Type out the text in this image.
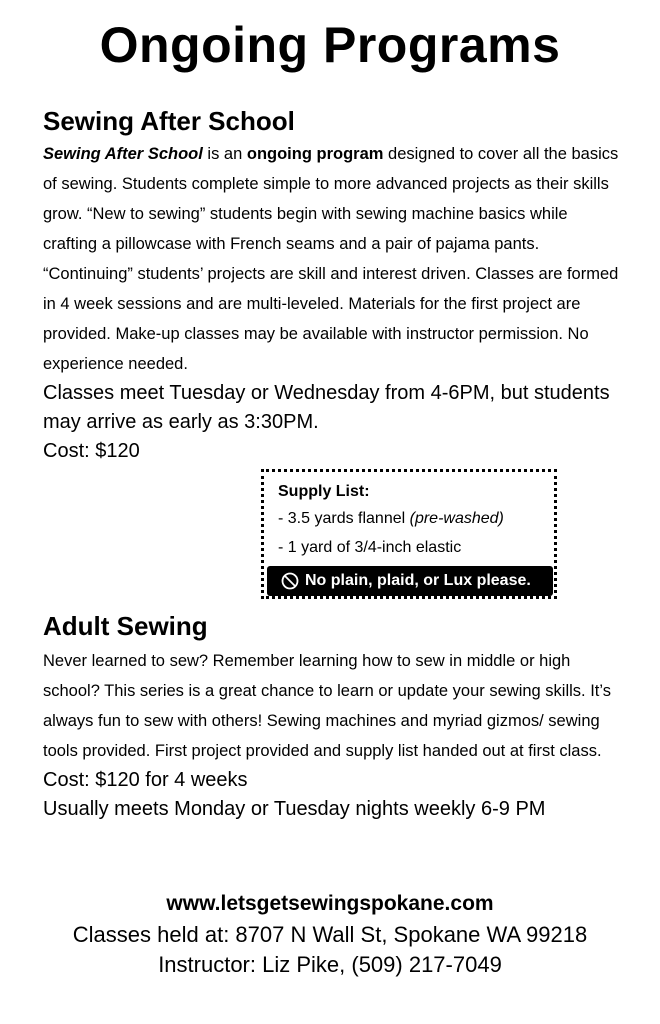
Ongoing Programs
Sewing After School

Sewing After School is an ongoing program designed to cover all the basics of sewing. Students complete simple to more advanced projects as their skills grow. “New to sewing” students begin with sewing machine basics while crafting a pillowcase with French seams and a pair of pajama pants. “Continuing” students’ projects are skill and interest driven. Classes are formed in 4 week sessions and are multi-leveled. Materials for the first project are provided. Make-up classes may be available with instructor permission. No experience needed.

Classes meet Tuesday or Wednesday from 4-6PM, but students may arrive as early as 3:30PM.

Cost: $120

Supply List:
- 3.5 yards flannel (pre-washed)
- 1 yard of 3/4-inch elastic
No plain, plaid, or Lux please.
Adult Sewing

Never learned to sew? Remember learning how to sew in middle or high school? This series is a great chance to learn or update your sewing skills. It’s always fun to sew with others! Sewing machines and myriad gizmos/ sewing tools provided. First project provided and supply list handed out at first class.

Cost: $120 for 4 weeks

Usually meets Monday or Tuesday nights weekly 6-9 PM

www.letsgetsewingspokane.com
Classes held at: 8707 N Wall St, Spokane WA 99218
Instructor: Liz Pike, (509) 217-7049
